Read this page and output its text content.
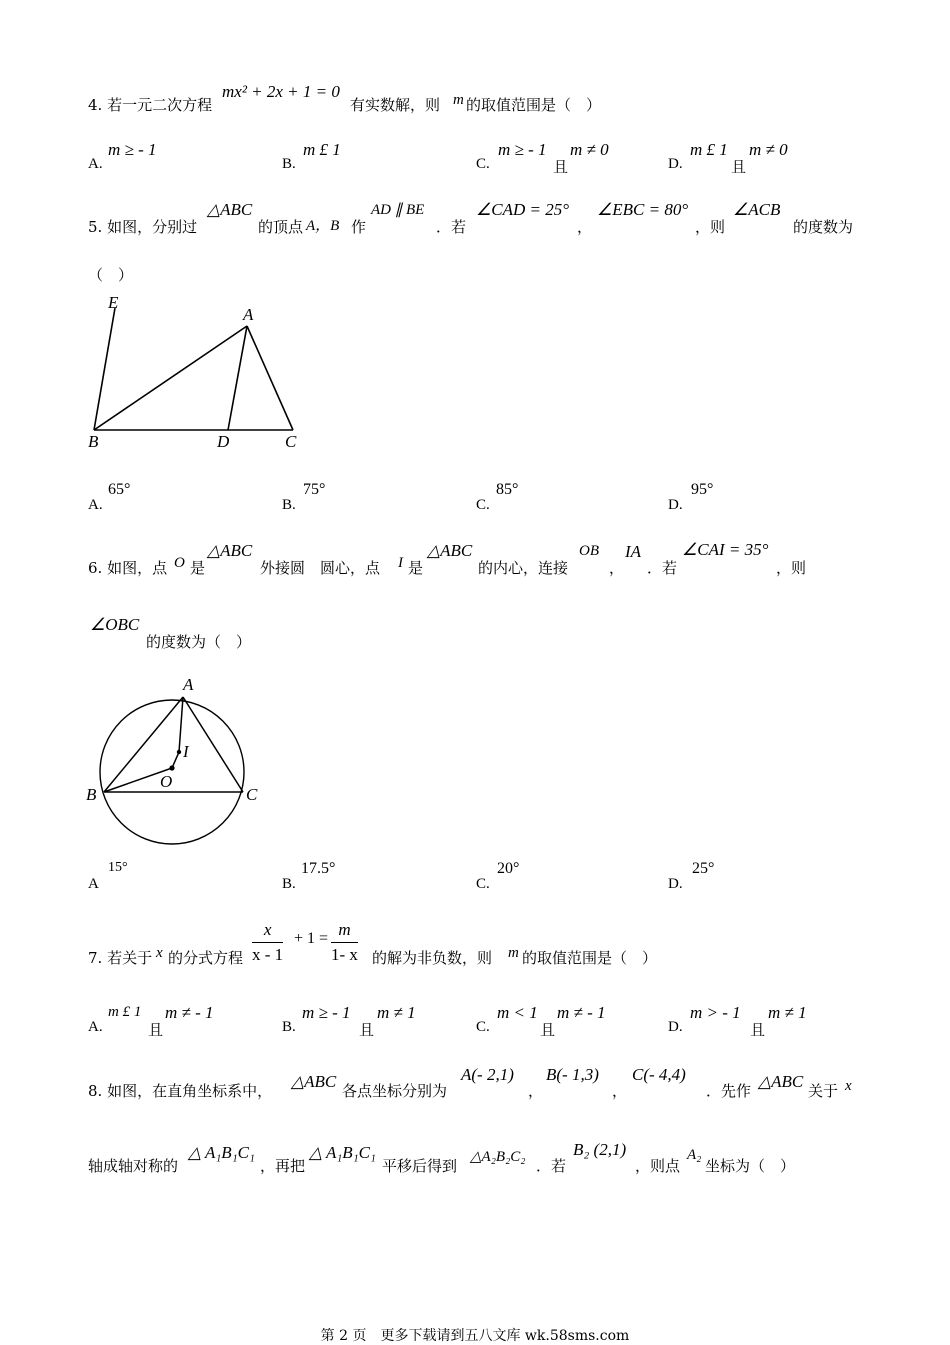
4. 若一元二次方程
mx² + 2x + 1 = 0
有实数解，则 m 的取值范围是（　）
A.
m ≥ - 1
B.
m £ 1
C.
m ≥ - 1
且
m ≠ 0
D.
m £ 1
且
m ≠ 0
5. 如图，分别过
△ABC
的顶点 A，B 作
AD ∥ BE
．若
∠CAD = 25°
，
∠EBC = 80°
，则
∠ACB
的度数为
（　）
E
A
B	D	C
A.
65°
B.
75°
C.
85°
D.
95°
6. 如图，点 O 是
△ABC
外接圆　圆心，点 I 是
△ABC
的内心，连接
OB
，
IA
．若
∠CAI = 35°
，则
∠OBC
的度数为（　）
A
I
O
B	C
A
15°
B.
17.5°
C.
20°
D.
25°
7. 若关于 x 的分式方程 $\frac{x}{x - 1} + 1 = \frac{m}{1- x}$ 的解为非负数，则 m 的取值范围是（　）
A.
m £ 1
且
m ≠ - 1
B.
m ≥ - 1
且
m ≠ 1
C.
m < 1
且
m ≠ - 1
D.
m > - 1
且
m ≠ 1
8. 如图，在直角坐标系中， △ABC 各点坐标分别为
A(- 2,1)
，
B(- 1,3)
，
C(- 4,4)
．先作 △ABC 关于 x
轴成轴对称的
△ A₁B₁C₁
，再把
△ A₁B₁C₁
平移后得到 △A₂B₂C₂ ．若
B₂ (2,1)
，则点
A₂
坐标为（　）
第 2 页　更多下载请到五八文库 wk.58sms.com
